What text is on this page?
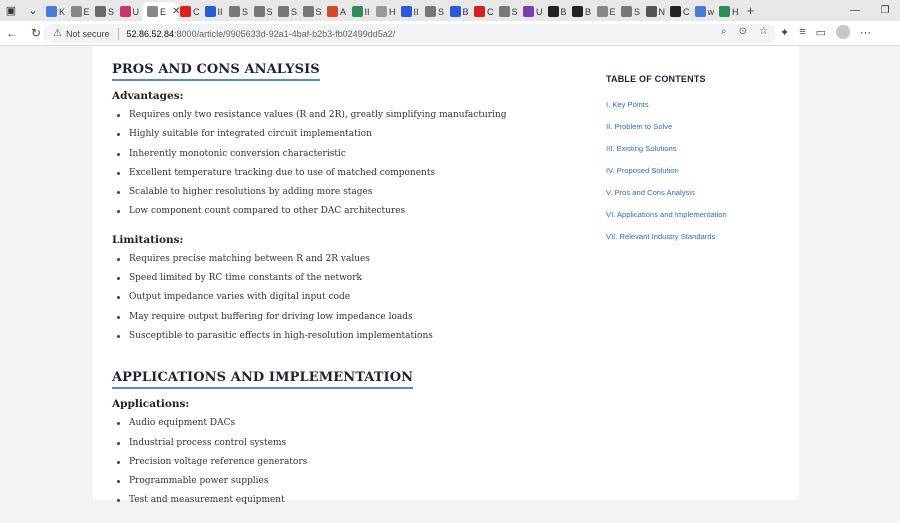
▣	⌄	K E S U E ✕ C II S S S S A II H II S B C S U B B E S N C w H +	—	❐
←	↻	⚠ Not secure 52.86.52.84 :8000/article/9905633d-92a1-4baf-b2b3-fb02499dd5a2/	⌕ ⊙ ☆ ✦ ≡ ▭	⋯
PROS AND CONS ANALYSIS
Advantages:
Requires only two resistance values (R and 2R), greatly simplifying manufacturing
Highly suitable for integrated circuit implementation
Inherently monotonic conversion characteristic
Excellent temperature tracking due to use of matched components
Scalable to higher resolutions by adding more stages
Low component count compared to other DAC architectures
Limitations:
Requires precise matching between R and 2R values
Speed limited by RC time constants of the network
Output impedance varies with digital input code
May require output buffering for driving low impedance loads
Susceptible to parasitic effects in high-resolution implementations
APPLICATIONS AND IMPLEMENTATION
Applications:
Audio equipment DACs
Industrial process control systems
Precision voltage reference generators
Programmable power supplies
Test and measurement equipment
TABLE OF CONTENTS
I. Key Points
II. Problem to Solve
III. Existing Solutions
IV. Proposed Solution
V. Pros and Cons Analysis
VI. Applications and Implementation
VII. Relevant Industry Standards
